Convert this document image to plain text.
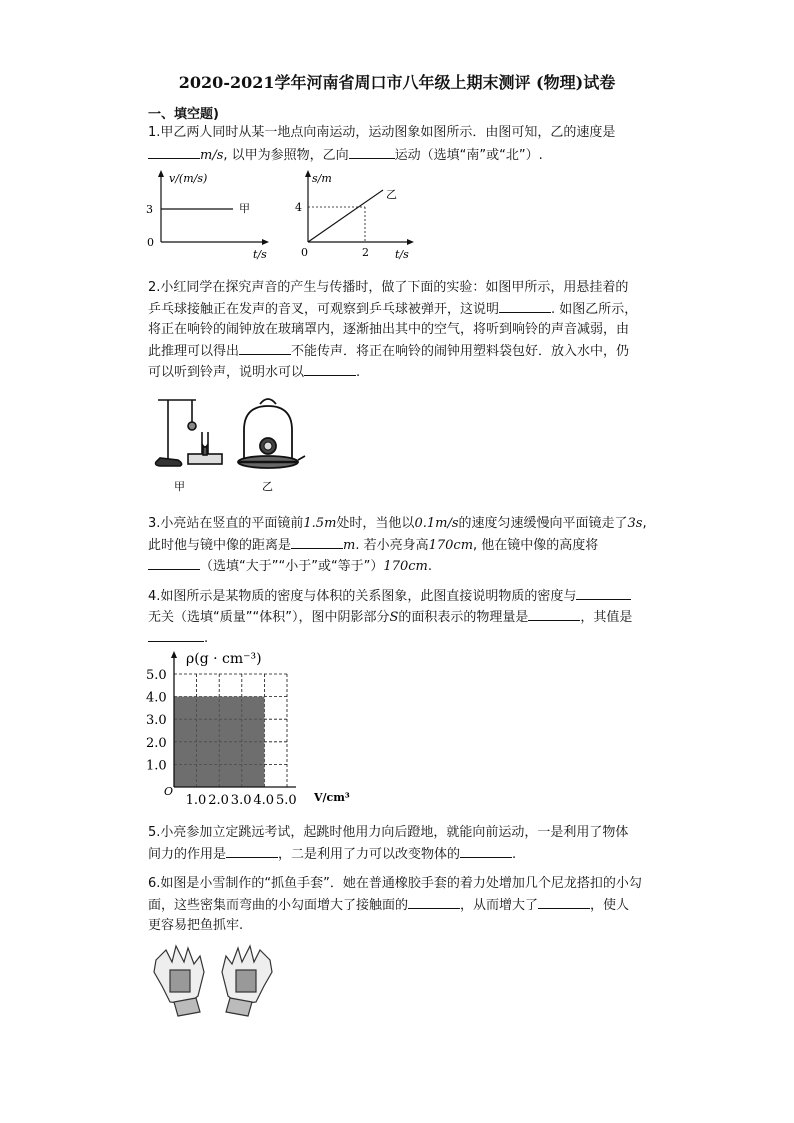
2020-2021学年河南省周口市八年级上期末测评 (物理)试卷
一、填空题)
1.甲乙两人同时从某一地点向南运动，运动图象如图所示．由图可知，乙的速度是
m/s, 以甲为参照物，乙向	运动（选填“南”或“北”）.
v/(m/s)
3
0
甲
t/s
s/m
4
0	2
乙
t/s
2.小红同学在探究声音的产生与传播时，做了下面的实验：如图甲所示，用悬挂着的
乒乓球接触正在发声的音叉，可观察到乒乓球被弹开，这说明	. 如图乙所示，
将正在响铃的闹钟放在玻璃罩内，逐渐抽出其中的空气，将听到响铃的声音减弱，由
此推理可以得出	不能传声．将正在响铃的闹钟用塑料袋包好．放入水中，仍
可以听到铃声，说明水可以	.
甲	乙
3.小亮站在竖直的平面镜前1.5m处时，当他以0.1m/s的速度匀速缓慢向平面镜走了3s,
此时他与镜中像的距离是	m. 若小亮身高170cm, 他在镜中像的高度将
（选填“大于”“小于”或“等于”）170cm.
4.如图所示是某物质的密度与体积的关系图象，此图直接说明物质的密度与
无关（选填“质量”“体积”），图中阴影部分S的面积表示的物理量是	，其值是
.
ρ(g · cm⁻³)
V/cm³
O
1.0
2.0
3.0
4.0
5.0
1.0 2.0 3.0 4.0 5.0
5.小亮参加立定跳远考试，起跳时他用力向后蹬地，就能向前运动，一是利用了物体
间力的作用是	，二是利用了力可以改变物体的	.
6.如图是小雪制作的“抓鱼手套”．她在普通橡胶手套的着力处增加几个尼龙搭扣的小勾
面，这些密集而弯曲的小勾面增大了接触面的	，从而增大了	，使人
更容易把鱼抓牢.
